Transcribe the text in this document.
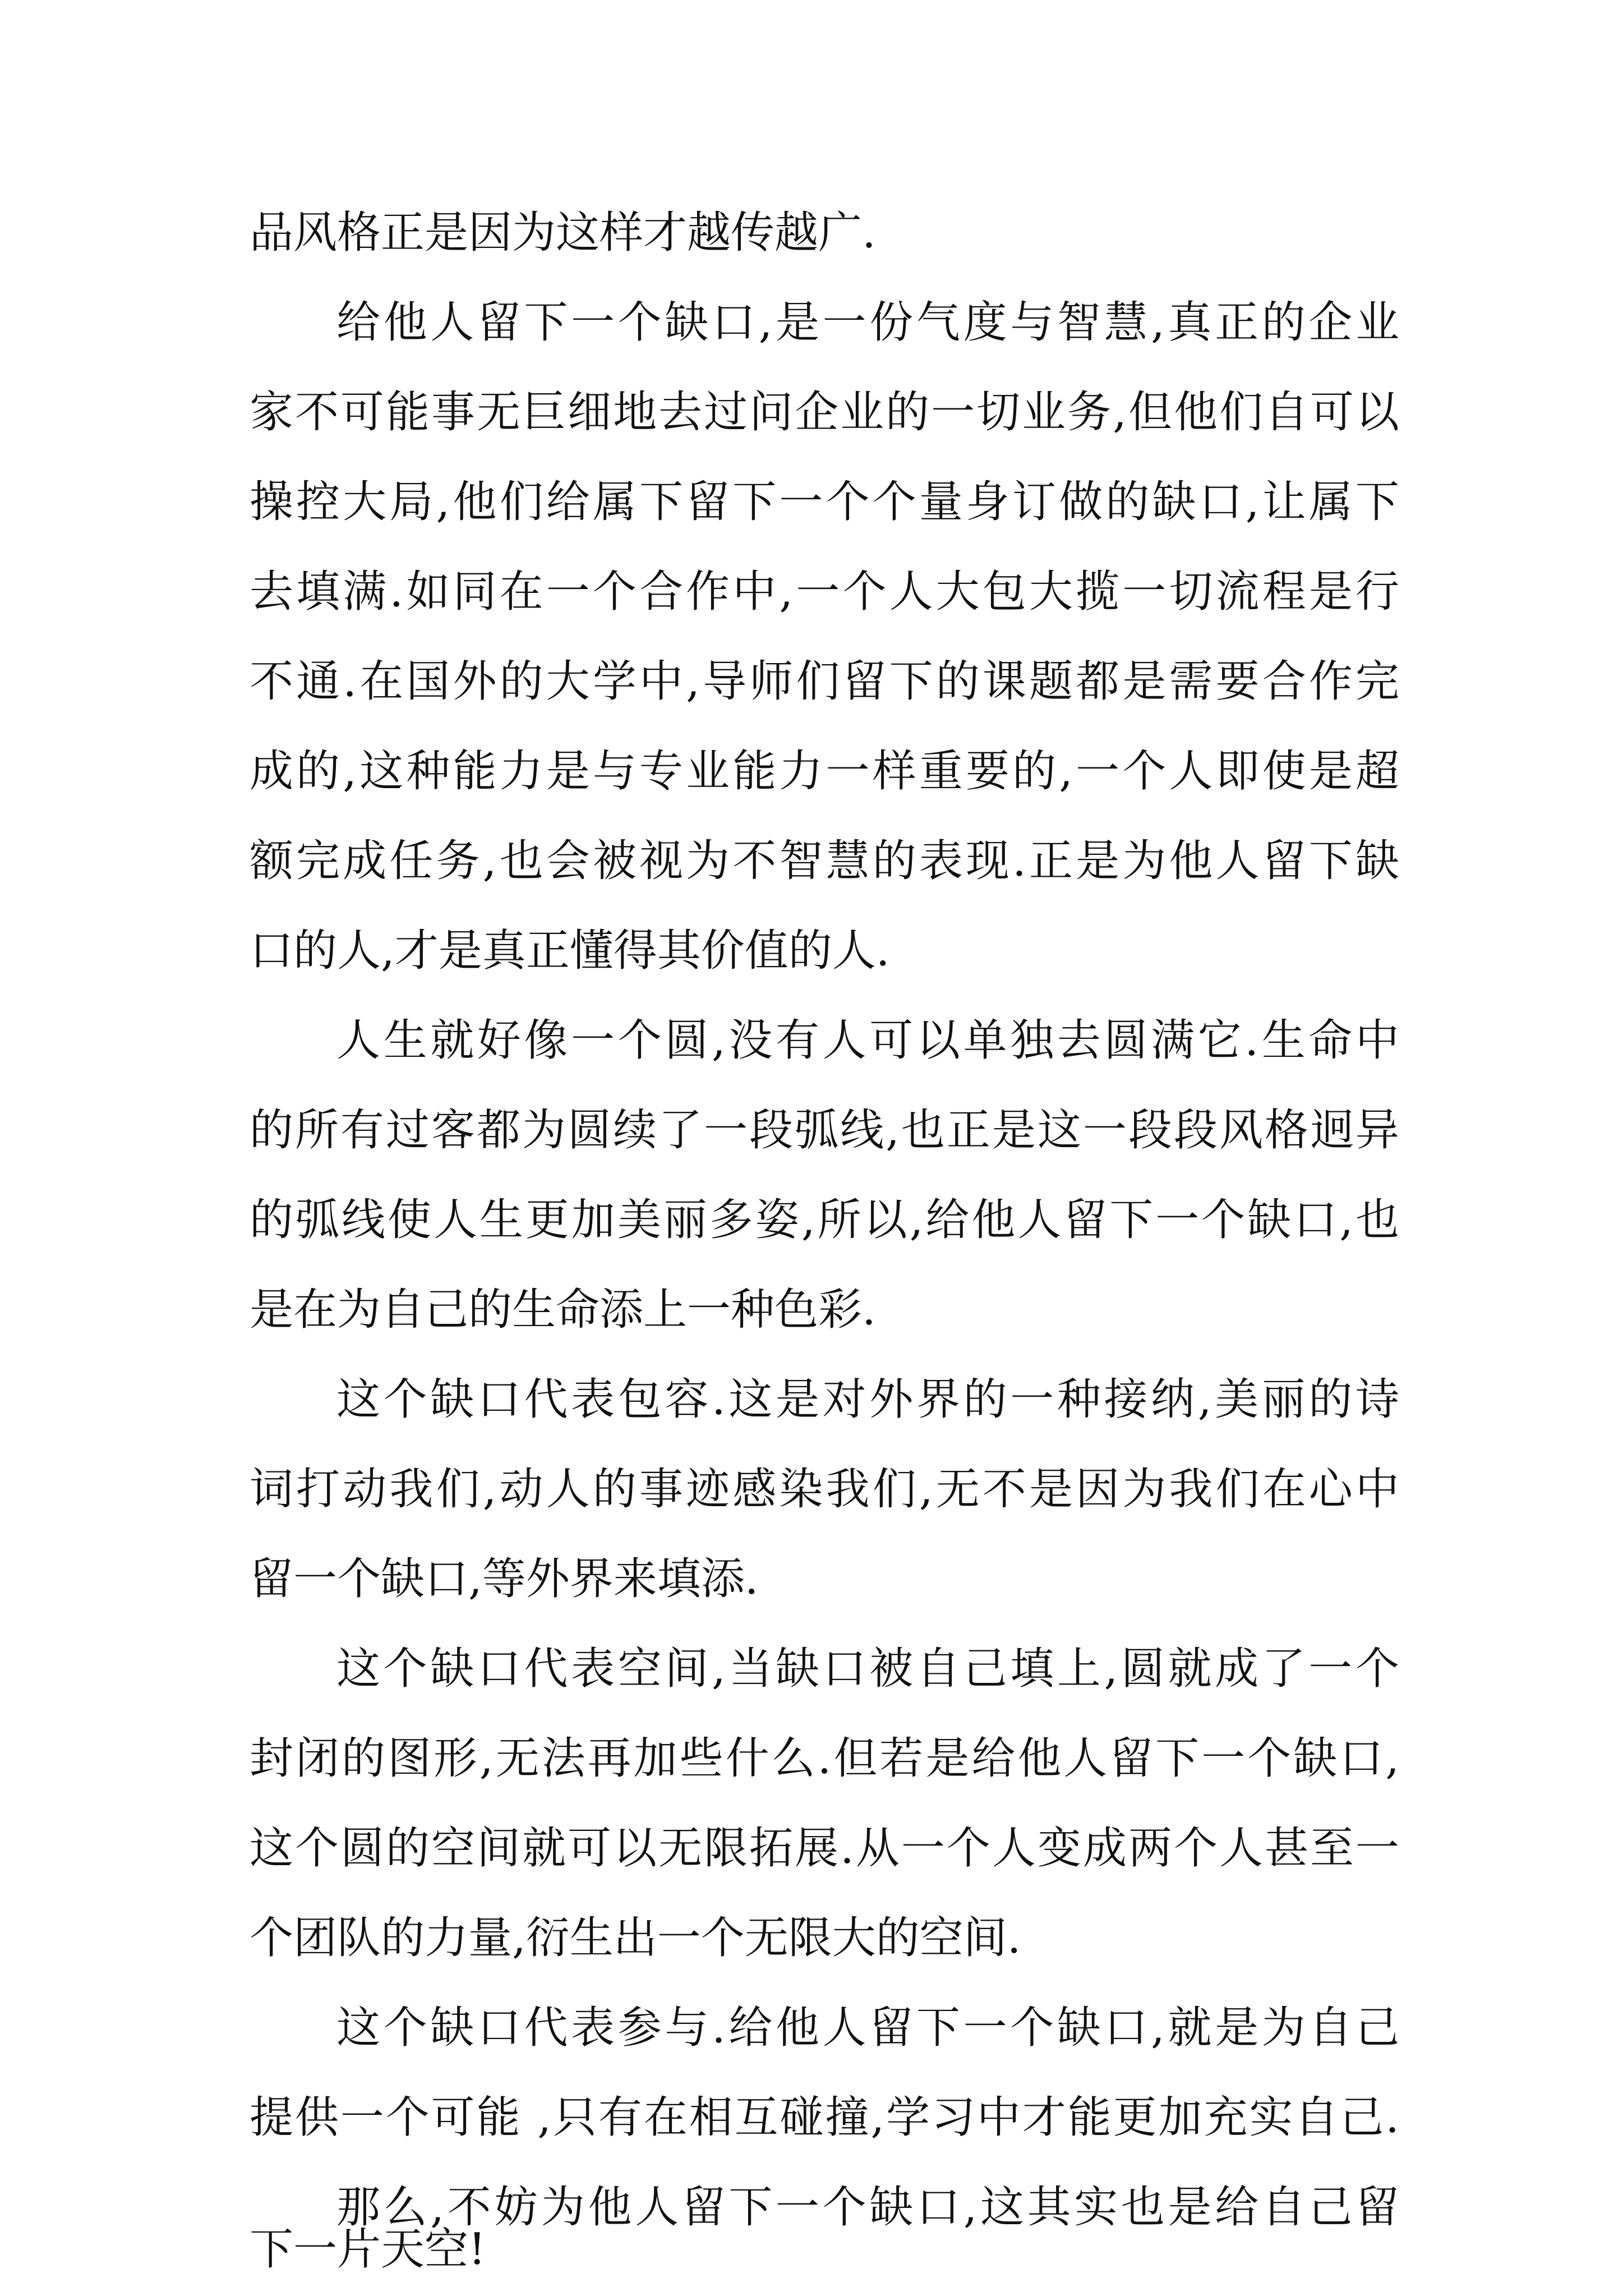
品风格正是因为这样才越传越广.
给他人留下一个缺口,是一份气度与智慧,真正的企业
家不可能事无巨细地去过问企业的一切业务,但他们自可以
操控大局,他们给属下留下一个个量身订做的缺口,让属下
去填满.如同在一个合作中,一个人大包大揽一切流程是行
不通.在国外的大学中,导师们留下的课题都是需要合作完
成的,这种能力是与专业能力一样重要的,一个人即使是超
额完成任务,也会被视为不智慧的表现.正是为他人留下缺
口的人,才是真正懂得其价值的人.
人生就好像一个圆,没有人可以单独去圆满它.生命中
的所有过客都为圆续了一段弧线,也正是这一段段风格迥异
的弧线使人生更加美丽多姿,所以,给他人留下一个缺口,也
是在为自己的生命添上一种色彩.
这个缺口代表包容.这是对外界的一种接纳,美丽的诗
词打动我们,动人的事迹感染我们,无不是因为我们在心中
留一个缺口,等外界来填添.
这个缺口代表空间,当缺口被自己填上,圆就成了一个
封闭的图形,无法再加些什么.但若是给他人留下一个缺口,
这个圆的空间就可以无限拓展.从一个人变成两个人甚至一
个团队的力量,衍生出一个无限大的空间.
这个缺口代表参与.给他人留下一个缺口,就是为自己
提供一个可能 ,只有在相互碰撞,学习中才能更加充实自己.
那么,不妨为他人留下一个缺口,这其实也是给自己留
下一片天空!
